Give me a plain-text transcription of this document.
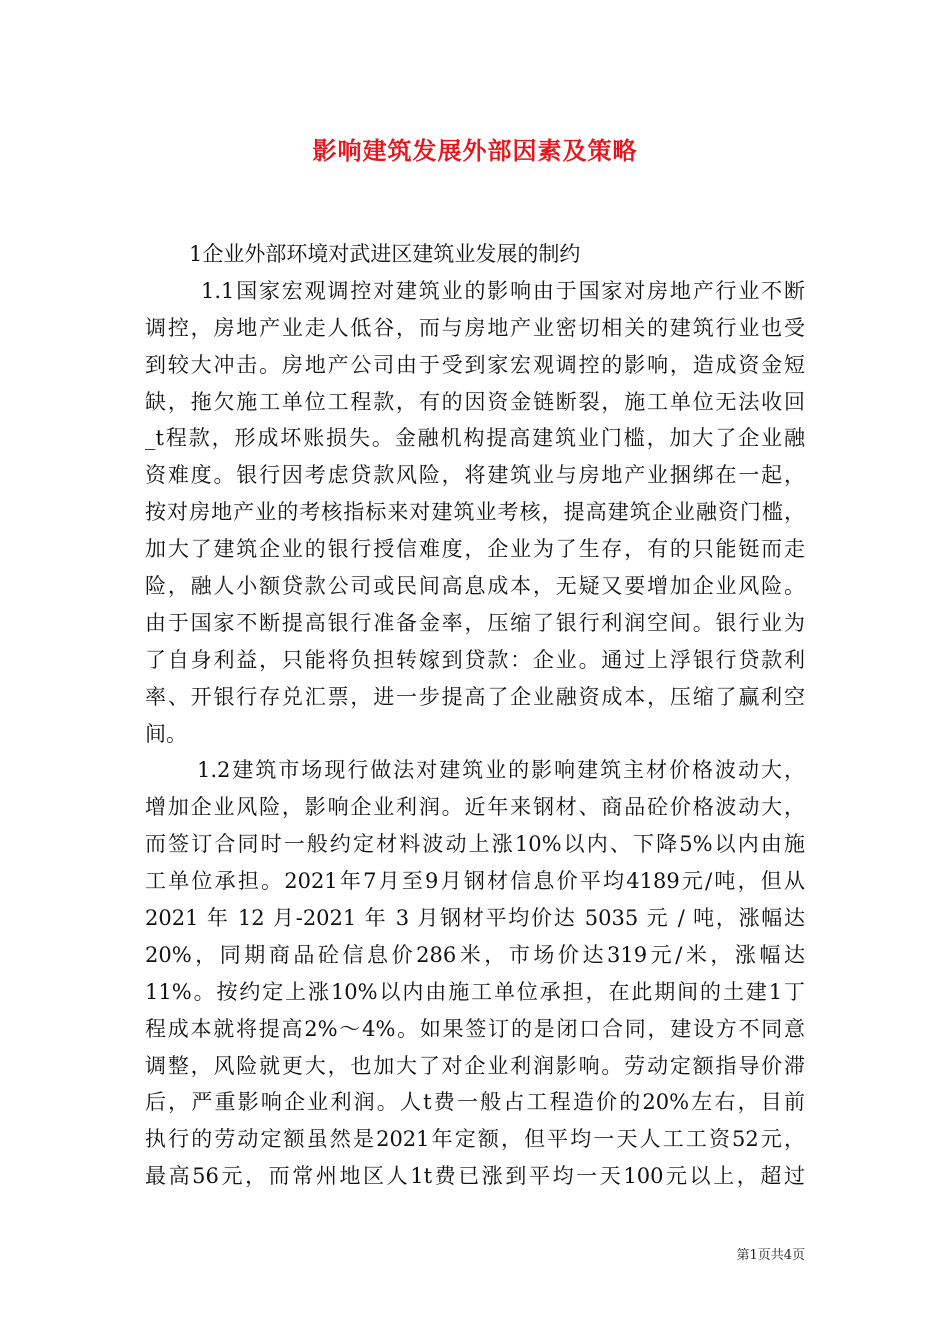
影响建筑发展外部因素及策略
1企业外部环境对武进区建筑业发展的制约
1.1国家宏观调控对建筑业的影响由于国家对房地产行业不断
调控，房地产业走人低谷，而与房地产业密切相关的建筑行业也受
到较大冲击。房地产公司由于受到家宏观调控的影响，造成资金短
缺，拖欠施工单位工程款，有的因资金链断裂，施工单位无法收回
_t程款，形成坏账损失。金融机构提高建筑业门槛，加大了企业融
资难度。银行因考虑贷款风险，将建筑业与房地产业捆绑在一起，
按对房地产业的考核指标来对建筑业考核，提高建筑企业融资门槛，
加大了建筑企业的银行授信难度，企业为了生存，有的只能铤而走
险，融人小额贷款公司或民间高息成本，无疑又要增加企业风险。
由于国家不断提高银行准备金率，压缩了银行利润空间。银行业为
了自身利益，只能将负担转嫁到贷款：企业。通过上浮银行贷款利
率、开银行存兑汇票，进一步提高了企业融资成本，压缩了赢利空
间。
1.2建筑市场现行做法对建筑业的影响建筑主材价格波动大，
增加企业风险，影响企业利润。近年来钢材、商品砼价格波动大，
而签订合同时一般约定材料波动上涨10%以内、下降5%以内由施
工单位承担。2021年7月至9月钢材信息价平均4189元/吨，但从
2021 年 12 月-2021 年 3 月钢材平均价达 5035 元 / 吨，涨幅达
20%，同期商品砼信息价286米，市场价达319元/米，涨幅达
11%。按约定上涨10%以内由施工单位承担，在此期间的土建1丁
程成本就将提高2%～4%。如果签订的是闭口合同，建设方不同意
调整，风险就更大，也加大了对企业利润影响。劳动定额指导价滞
后，严重影响企业利润。人t费一般占工程造价的20%左右，目前
执行的劳动定额虽然是2021年定额，但平均一天人工工资52元，
最高56元，而常州地区人1t费已涨到平均一天100元以上，超过
第1页共4页
